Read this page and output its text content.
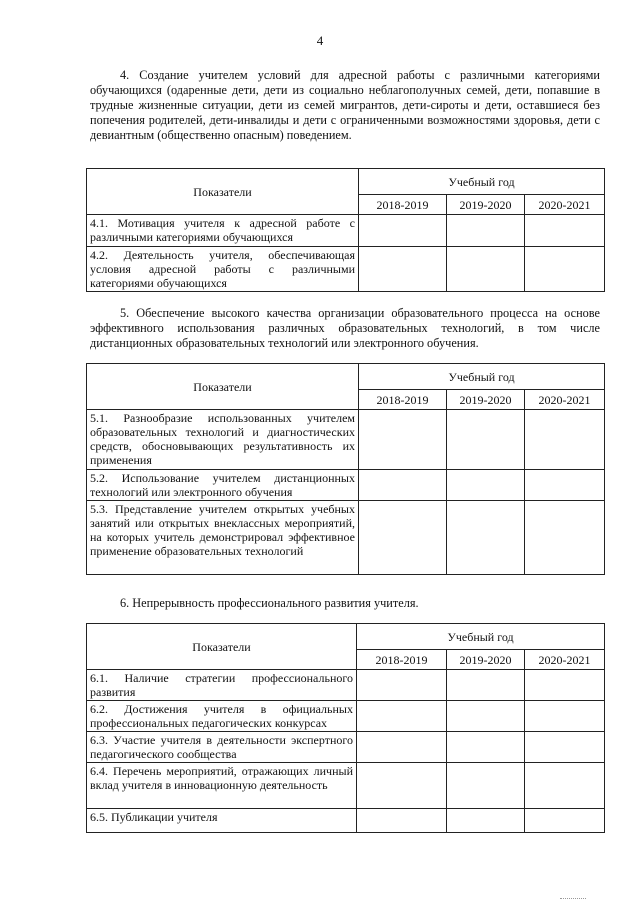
4

4. Создание учителем условий для адресной работы с различными категориями обучающихся (одаренные дети, дети из социально неблагополучных семей, дети, попавшие в трудные жизненные ситуации, дети из семей мигрантов, дети-сироты и дети, оставшиеся без попечения родителей, дети-инвалиды и дети с ограниченными возможностями здоровья, дети с девиантным (общественно опасным) поведением.

Показатели	Учебный год		
	2018-2019	2019-2020	2020-2021
4.1. Мотивация учителя к адресной работе с различными категориями обучающихся			
4.2. Деятельность учителя, обеспечивающая условия адресной работы с различными категориями обучающихся			

5. Обеспечение высокого качества организации образовательного процесса на основе эффективного использования различных образовательных технологий, в том числе дистанционных образовательных технологий или электронного обучения.

Показатели	Учебный год		
	2018-2019	2019-2020	2020-2021
5.1. Разнообразие использованных учителем образовательных технологий и диагностических средств, обосновывающих результативность их применения			
5.2. Использование учителем дистанционных технологий или электронного обучения			
5.3. Представление учителем открытых учебных занятий или открытых внеклассных мероприятий, на которых учитель демонстрировал эффективное применение образовательных технологий			

6. Непрерывность профессионального развития учителя.

Показатели	Учебный год		
	2018-2019	2019-2020	2020-2021
6.1. Наличие стратегии профессионального развития			
6.2. Достижения учителя в официальных профессиональных педагогических конкурсах			
6.3. Участие учителя в деятельности экспертного педагогического сообщества			
6.4. Перечень мероприятий, отражающих личный вклад учителя в инновационную деятельность			
6.5. Публикации учителя			
